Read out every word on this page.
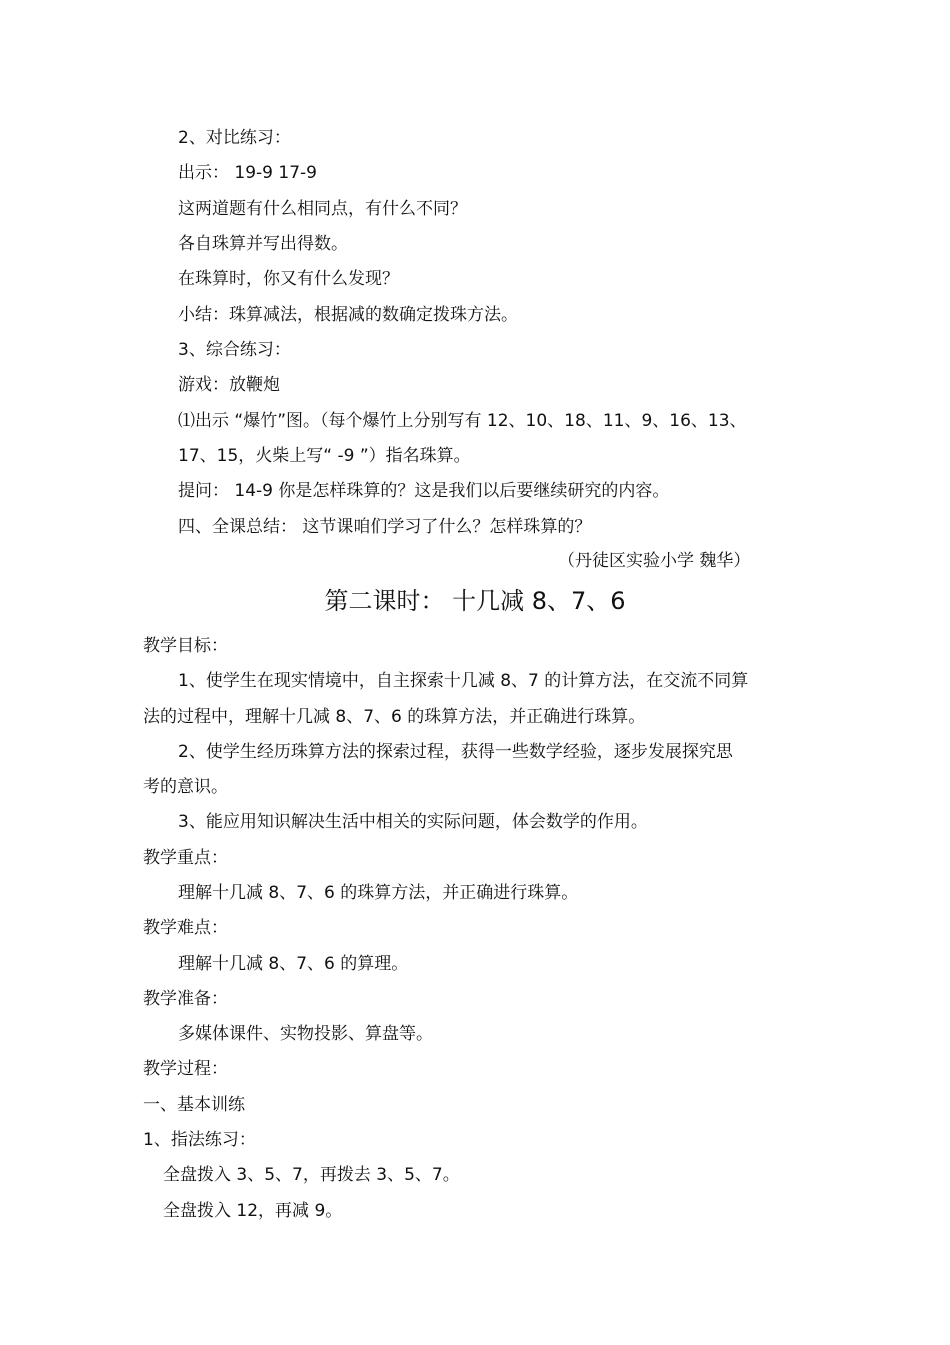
2、对比练习：

出示： 19-9 17-9

这两道题有什么相同点，有什么不同？

各自珠算并写出得数。

在珠算时，你又有什么发现？

小结：珠算减法，根据减的数确定拨珠方法。

3、综合练习：

游戏：放鞭炮

⑴出示 “爆竹”图。（每个爆竹上分别写有 12、10、18、11、9、16、13、

17、15，火柴上写“ -9 ”）指名珠算。

提问： 14-9 你是怎样珠算的？这是我们以后要继续研究的内容。

四、全课总结： 这节课咱们学习了什么？怎样珠算的？

（丹徒区实验小学 魏华）

第二课时： 十几减 8、7、6

教学目标：

1、使学生在现实情境中，自主探索十几减 8、7 的计算方法，在交流不同算

法的过程中，理解十几减 8、7、6 的珠算方法，并正确进行珠算。

2、使学生经历珠算方法的探索过程，获得一些数学经验，逐步发展探究思

考的意识。

3、能应用知识解决生活中相关的实际问题，体会数学的作用。

教学重点：

理解十几减 8、7、6 的珠算方法，并正确进行珠算。

教学难点：

理解十几减 8、7、6 的算理。

教学准备：

多媒体课件、实物投影、算盘等。

教学过程：

一、基本训练

1、指法练习：

全盘拨入 3、5、7，再拨去 3、5、7。

全盘拨入 12，再减 9。
